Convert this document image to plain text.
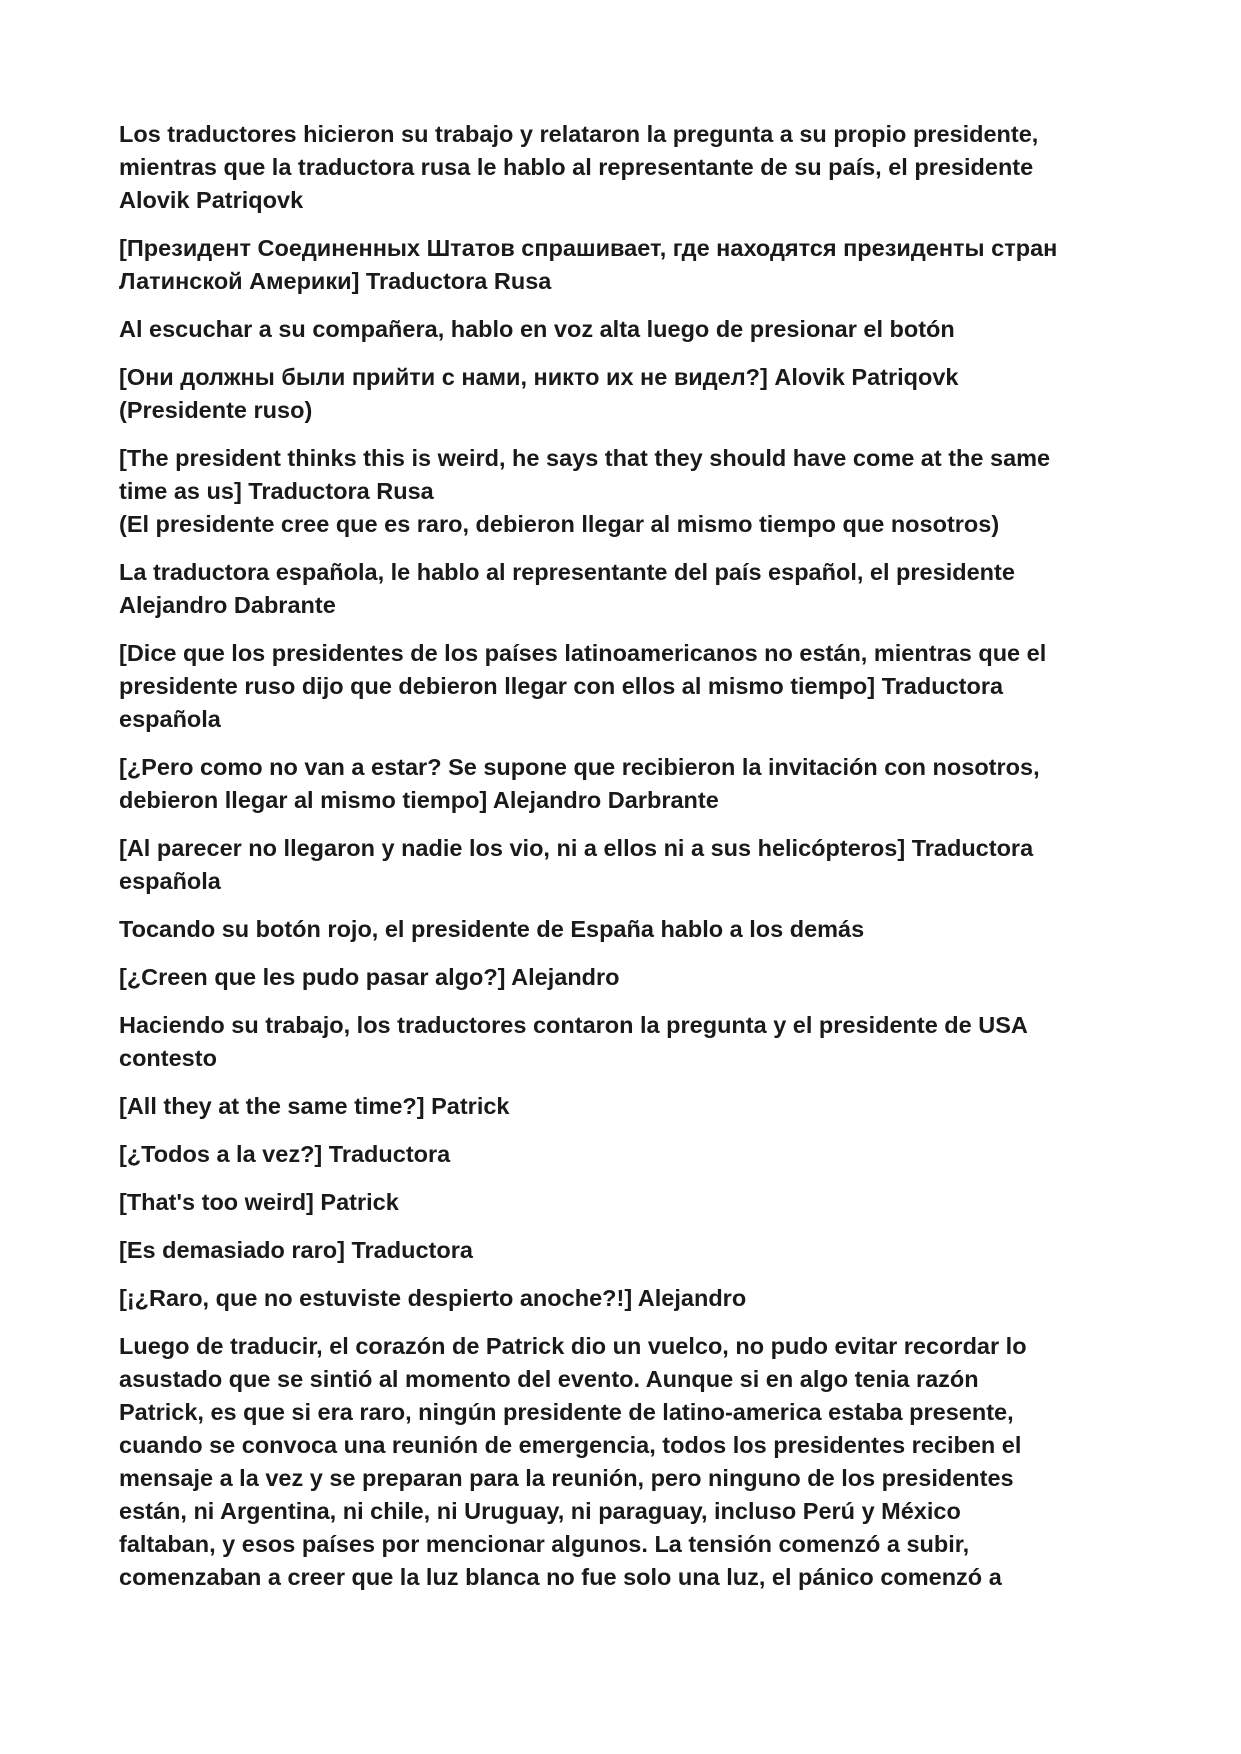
Los traductores hicieron su trabajo y relataron la pregunta a su propio presidente,
mientras que la traductora rusa le hablo al representante de su país, el presidente
Alovik Patriqovk

[Президент Соединенных Штатов спрашивает, где находятся президенты стран
Латинской Америки] Traductora Rusa

Al escuchar a su compañera, hablo en voz alta luego de presionar el botón

[Они должны были прийти с нами, никто их не видел?] Alovik Patriqovk
(Presidente ruso)

[The president thinks this is weird, he says that they should have come at the same
time as us] Traductora Rusa
(El presidente cree que es raro, debieron llegar al mismo tiempo que nosotros)

La traductora española, le hablo al representante del país español, el presidente
Alejandro Dabrante

[Dice que los presidentes de los países latinoamericanos no están, mientras que el
presidente ruso dijo que debieron llegar con ellos al mismo tiempo] Traductora
española

[¿Pero como no van a estar? Se supone que recibieron la invitación con nosotros,
debieron llegar al mismo tiempo] Alejandro Darbrante

[Al parecer no llegaron y nadie los vio, ni a ellos ni a sus helicópteros] Traductora
española

Tocando su botón rojo, el presidente de España hablo a los demás

[¿Creen que les pudo pasar algo?] Alejandro

Haciendo su trabajo, los traductores contaron la pregunta y el presidente de USA
contesto

[All they at the same time?] Patrick

[¿Todos a la vez?] Traductora

[That's too weird] Patrick

[Es demasiado raro] Traductora

[¡¿Raro, que no estuviste despierto anoche?!] Alejandro

Luego de traducir, el corazón de Patrick dio un vuelco, no pudo evitar recordar lo
asustado que se sintió al momento del evento. Aunque si en algo tenia razón
Patrick, es que si era raro, ningún presidente de latino-america estaba presente,
cuando se convoca una reunión de emergencia, todos los presidentes reciben el
mensaje a la vez y se preparan para la reunión, pero ninguno de los presidentes
están, ni Argentina, ni chile, ni Uruguay, ni paraguay, incluso Perú y México
faltaban, y esos países por mencionar algunos. La tensión comenzó a subir,
comenzaban a creer que la luz blanca no fue solo una luz, el pánico comenzó a
